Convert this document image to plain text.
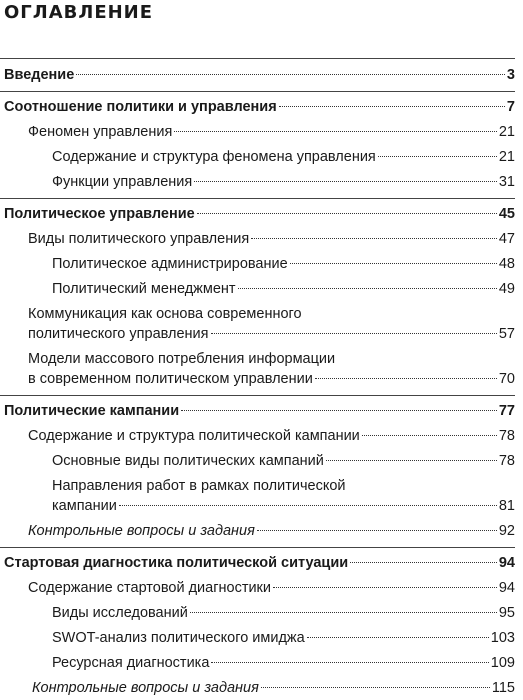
ОГЛАВЛЕНИЕ
Введение	3
Соотношение политики и управления	7
Феномен управления	21
Содержание и структура феномена управления	21
Функции управления	31
Политическое управление	45
Виды политического управления	47
Политическое администрирование	48
Политический менеджмент	49
Коммуникация как основа современного
политического управления	57
Модели массового потребления информации
в современном политическом управлении	70
Политические кампании	77
Содержание и структура политической кампании	78
Основные виды политических кампаний	78
Направления работ в рамках политической
кампании	81
Контрольные вопросы и задания	92
Стартовая диагностика политической ситуации	94
Содержание стартовой диагностики	94
Виды исследований	95
SWOT-анализ политического имиджа	103
Ресурсная диагностика	109
Контрольные вопросы и задания	115
